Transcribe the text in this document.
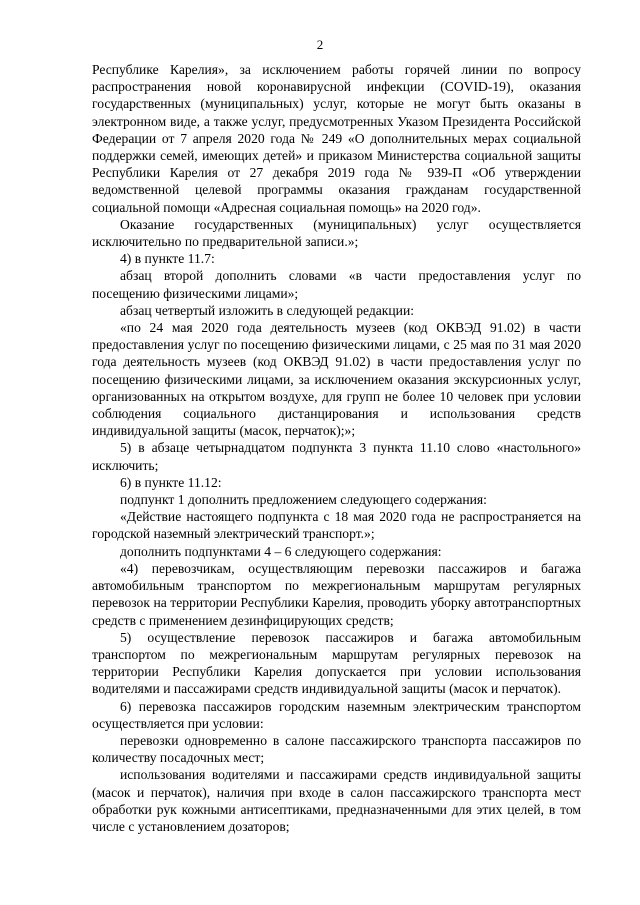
2

Республике Карелия», за исключением работы горячей линии по вопросу распространения новой коронавирусной инфекции (COVID-19), оказания государственных (муниципальных) услуг, которые не могут быть оказаны в электронном виде, а также услуг, предусмотренных Указом Президента Российской Федерации от 7 апреля 2020 года № 249 «О дополнительных мерах социальной поддержки семей, имеющих детей» и приказом Министерства социальной защиты Республики Карелия от 27 декабря 2019 года № 939-П «Об утверждении ведомственной целевой программы оказания гражданам государственной социальной помощи «Адресная социальная помощь» на 2020 год».

Оказание государственных (муниципальных) услуг осуществляется исключительно по предварительной записи.»;

4) в пункте 11.7:

абзац второй дополнить словами «в части предоставления услуг по посещению физическими лицами»;

абзац четвертый изложить в следующей редакции:

«по 24 мая 2020 года деятельность музеев (код ОКВЭД 91.02) в части предоставления услуг по посещению физическими лицами, с 25 мая по 31 мая 2020 года деятельность музеев (код ОКВЭД 91.02) в части предоставления услуг по посещению физическими лицами, за исключением оказания экскурсионных услуг, организованных на открытом воздухе, для групп не более 10 человек при условии соблюдения социального дистанцирования и использования средств индивидуальной защиты (масок, перчаток);»;

5) в абзаце четырнадцатом подпункта 3 пункта 11.10 слово «настольного» исключить;

6) в пункте 11.12:

подпункт 1 дополнить предложением следующего содержания:

«Действие настоящего подпункта с 18 мая 2020 года не распространяется на городской наземный электрический транспорт.»;

дополнить подпунктами 4 – 6 следующего содержания:

«4) перевозчикам, осуществляющим перевозки пассажиров и багажа автомобильным транспортом по межрегиональным маршрутам регулярных перевозок на территории Республики Карелия, проводить уборку автотранспортных средств с применением дезинфицирующих средств;

5) осуществление перевозок пассажиров и багажа автомобильным транспортом по межрегиональным маршрутам регулярных перевозок на территории Республики Карелия допускается при условии использования водителями и пассажирами средств индивидуальной защиты (масок и перчаток).

6) перевозка пассажиров городским наземным электрическим транспортом осуществляется при условии:

перевозки одновременно в салоне пассажирского транспорта пассажиров по количеству посадочных мест;

использования водителями и пассажирами средств индивидуальной защиты (масок и перчаток), наличия при входе в салон пассажирского транспорта мест обработки рук кожными антисептиками, предназначенными для этих целей, в том числе с установлением дозаторов;
